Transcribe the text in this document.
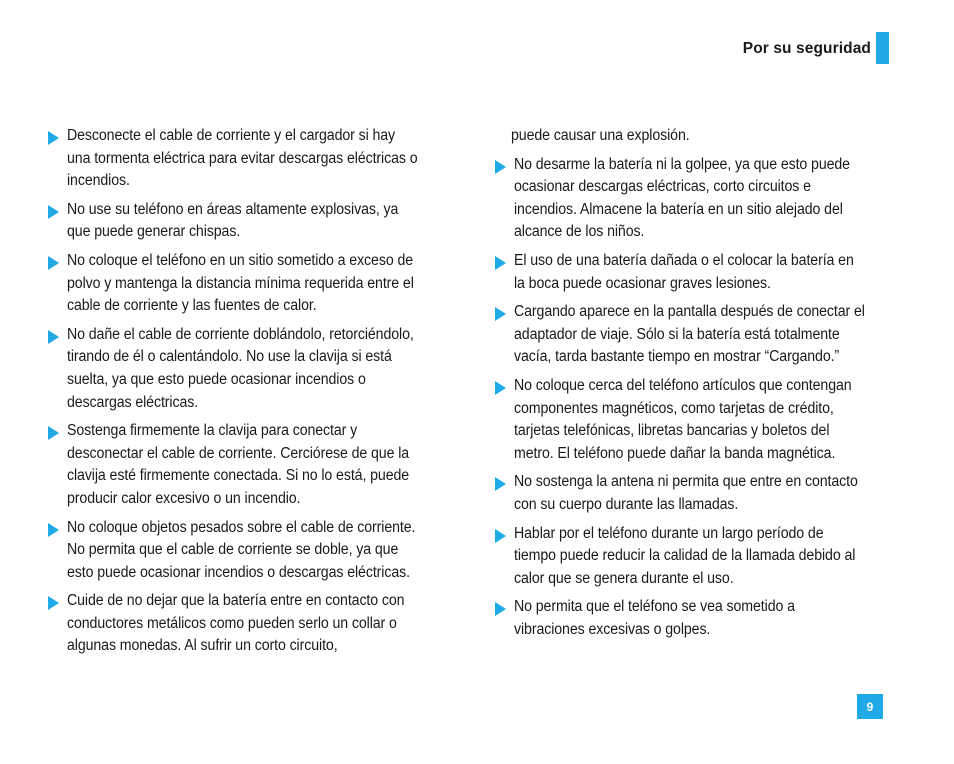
Por su seguridad
Desconecte el cable de corriente y el cargador si hay una tormenta eléctrica para evitar descargas eléctricas o incendios.
No use su teléfono en áreas altamente explosivas, ya que puede generar chispas.
No coloque el teléfono en un sitio sometido a exceso de polvo y mantenga la distancia mínima requerida entre el cable de corriente y las fuentes de calor.
No dañe el cable de corriente doblándolo, retorciéndolo, tirando de él o calentándolo. No use la clavija si está suelta, ya que esto puede ocasionar incendios o descargas eléctricas.
Sostenga firmemente la clavija para conectar y desconectar el cable de corriente. Cerciórese de que la clavija esté firmemente conectada. Si no lo está, puede producir calor excesivo o un incendio.
No coloque objetos pesados sobre el cable de corriente. No permita que el cable de corriente se doble, ya que esto puede ocasionar incendios o descargas eléctricas.
Cuide de no dejar que la batería entre en contacto con conductores metálicos como pueden serlo un collar o algunas monedas. Al sufrir un corto circuito,
puede causar una explosión.
No desarme la batería ni la golpee, ya que esto puede ocasionar descargas eléctricas, corto circuitos e incendios. Almacene la batería en un sitio alejado del alcance de los niños.
El uso de una batería dañada o el colocar la batería en la boca puede ocasionar graves lesiones.
Cargando aparece en la pantalla después de conectar el adaptador de viaje. Sólo si la batería está totalmente vacía, tarda bastante tiempo en mostrar “Cargando.”
No coloque cerca del teléfono artículos que contengan componentes magnéticos, como tarjetas de crédito, tarjetas telefónicas, libretas bancarias y boletos del metro. El teléfono puede dañar la banda magnética.
No sostenga la antena ni permita que entre en contacto con su cuerpo durante las llamadas.
Hablar por el teléfono durante un largo período de tiempo puede reducir la calidad de la llamada debido al calor que se genera durante el uso.
No permita que el teléfono se vea sometido a vibraciones excesivas o golpes.
9
